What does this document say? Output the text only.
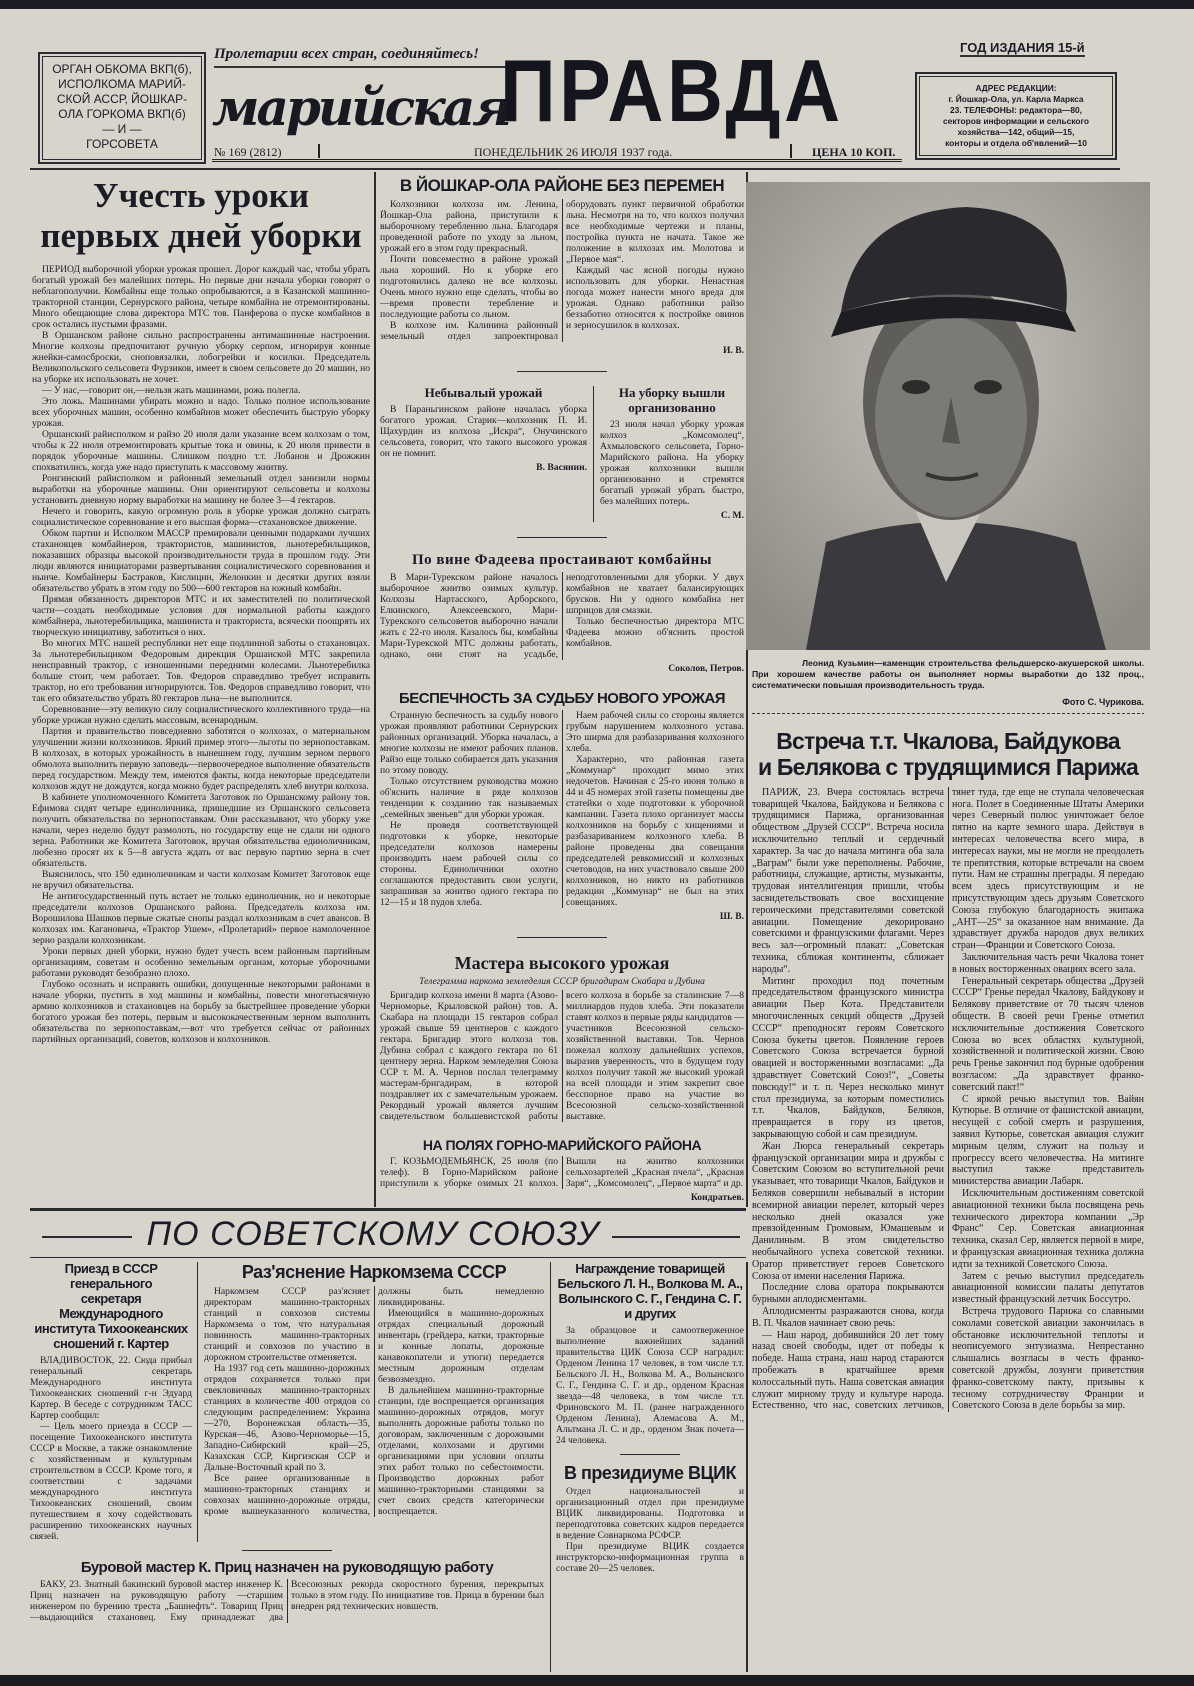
ОРГАН ОБКОМА ВКП(б),
ИСПОЛКОМА МАРИЙ-
СКОЙ АССР, ЙОШКАР-
ОЛА ГОРКОМА ВКП(б)
— И —
ГОРСОВЕТА
Пролетарии всех стран, соединяйтесь!
марийская
ПРАВДА	ГОД ИЗДАНИЯ 15-й
АДРЕС РЕДАКЦИИ:
г. Йошкар-Ола, ул. Карла Маркса
23. ТЕЛЕФОНЫ: редактора—80,
секторов информации и сельского
хозяйства—142, общий—15,
конторы и отдела об'явлений—10
№ 169 (2812)	ПОНЕДЕЛЬНИК 26 ИЮЛЯ 1937 года.	ЦЕНА 10 КОП.
Учесть уроки
первых дней уборки

ПЕРИОД выборочной уборки урожая прошел. Дорог каждый час, чтобы убрать богатый урожай без малейших потерь. Но первые дни начала уборки говорят о неблагополучии. Комбайны еще только опробываются, а в Казанской машинно-тракторной станции, Сернурского района, четыре комбайна не отремонтированы. Много обещающие слова директора МТС тов. Панферова о пуске комбайнов в срок остались пустыми фразами.

В Оршанском районе сильно распространены антимашинные настроения. Многие колхозы предпочитают ручную уборку серпом, игнорируя конные жнейки-самосброски, сноповязалки, лобогрейки и косилки. Председатель Великопольского сельсовета Фурзиков, имеет в своем сельсовете до 20 машин, но на уборке их использовать не хочет.

— У нас,—говорит он,—нельзя жать машинами, рожь полегла.

Это ложь. Машинами убирать можно и надо. Только полное использование всех уборочных машин, особенно комбайнов может обеспечить быструю уборку урожая.

Оршанский райисполком и райзо 20 июля дали указание всем колхозам о том, чтобы к 22 июля отремонтировать крытые тока и овины, к 20 июля привести в порядок уборочные машины. Слишком поздно т.т. Лобанов и Дрожжин спохватились, когда уже надо приступать к массовому жнитву.

Ронгинский райисполком и районный земельный отдел занизили нормы выработки на уборочные машины. Они ориентируют сельсоветы и колхозы установить дневную норму выработки на машину не более 3—4 гектаров.

Нечего и говорить, какую огромную роль в уборке урожая должно сыграть социалистическое соревнование и его высшая форма—стахановское движение.

Обком партии и Исполком МАССР премировали ценными подарками лучших стахановцев комбайнеров, трактористов, машинистов, льнотеребильщиков, показавших образцы высокой производительности труда в прошлом году. Эти люди являются инициаторами развертывания социалистического соревнования и нынче. Комбайнеры Бастраков, Кислицин, Желонкин и десятки других взяли обязательство убрать в этом году по 500—600 гектаров на южный комбайн.

Прямая обязанность директоров МТС и их заместителей по политической части—создать необходимые условия для нормальной работы каждого комбайнера, льнотеребильщика, машиниста и тракториста, всячески поощрять их творческую инициативу, заботиться о них.

Во многих МТС нашей республики нет еще подлинной заботы о стахановцах. За льнотеребильщиком Федоровым дирекция Оршанской МТС закрепила неисправный трактор, с изношенными передними колесами. Льнотеребилка больше стоит, чем работает. Тов. Федоров справедливо требует исправить трактор, но его требования игнорируются. Тов. Федоров справедливо говорит, что так его обязательство убрать 80 гектаров льна—не выполнится.

Соревнование—эту великую силу социалистического коллективного труда—на уборке урожая нужно сделать массовым, всенародным.

Партия и правительство повседневно заботятся о колхозах, о материальном улучшении жизни колхозников. Яркий пример этого—льготы по зернопоставкам. В колхозах, в которых урожайность в нынешнем году, лучшим зерном первого обмолота выполнить первую заповедь—первоочередное выполнение обязательств перед государством. Между тем, имеются факты, когда некоторые председатели колхозов ждут не дождутся, когда можно будет распределять хлеб внутри колхоза.

В кабинете уполномоченного Комитета Заготовок по Оршанскому району тов. Ефимова сидят четыре единоличника, пришедшие из Оршанского сельсовета получить обязательства по зернопоставкам. Они рассказывают, что уборку уже начали, через неделю будут размолоть, но государству еще не сдали ни одного зерна. Работники же Комитета Заготовок, вручая обязательства единоличникам, любезно просят их к 5—8 августа ждать от вас первую партию зерна в счет обязательств.

Выяснилось, что 150 единоличникам и части колхозам Комитет Заготовок еще не вручил обязательства.

Не антигосударственный путь встает не только единоличник, но и некоторые председатели колхозов Оршанского района. Председатель колхоза им. Ворошилова Шашков первые сжатые снопы раздал колхозникам в счет авансов. В колхозах им. Кагановича, «Трактор Ушем», «Пролетарий» первое намолоченное зерно раздали колхозникам.

Уроки первых дней уборки, нужно будет учесть всем районным партийным организациям, советам и особенно земельным органам, которые уборочными работами руководят безобразно плохо.

Глубоко осознать и исправить ошибки, допущенные некоторыми районами в начале уборки, пустить в ход машины и комбайны, повести многотысячную армию колхозников и стахановцев на борьбу за быстрейшее проведение уборки богатого урожая без потерь, первым и высококачественным зерном выполнить обязательства по зернопоставкам,—вот что требуется сейчас от районных партийных организаций, советов, колхозов и колхозников.

В ЙОШКАР-ОЛА РАЙОНЕ БЕЗ ПЕРЕМЕН

Колхозники колхоза им. Ленина, Йошкар-Ола района, приступили к выборочному теребленню льна. Благодаря проведенной работе по уходу за льном, урожай его в этом году прекрасный.

Почти повсеместно в районе урожай льна хороший. Но к уборке его подготовились далеко не все колхозы. Очень много нужно еще сделать, чтобы во—время провести теребление и последующие работы со льном.

В колхозе им. Калинина районный земельный отдел запроектировал оборудовать пункт первичной обработки льна. Несмотря на то, что колхоз получил все необходимые чертежи и планы, постройка пункта не начата. Такое же положение в колхозах им. Молотова и „Первое мая“.

Каждый час ясной погоды нужно использовать для уборки. Ненастная погода может нанести много вреда для урожая. Однако работники райзо беззаботно относятся к постройке овинов и зерносушилок в колхозах.

И. В.
Небывалый урожай

В Параньгинском районе началась уборка богатого урожая. Старик—колхозник П. И. Щахурдин из колхоза „Искра“, Онучинского сельсовета, говорит, что такого высокого урожая он не помнит.

В. Васянин.
На уборку вышли
организованно

23 июля начал уборку урожая колхоз „Комсомолец“, Ахмыловского сельсовета, Горно-Марийского района. На уборку урожая колхозники вышли организованно и стремятся богатый урожай убрать быстро, без малейших потерь.

С. М.
По вине Фадеева простаивают комбайны

В Мари-Турекском районе началось выборочное жнитво озимых культур. Колхозы Нартасского, Арборского, Елкинского, Алексеевского, Мари-Турекского сельсоветов выборочно начали жать с 22-го июля. Казалось бы, комбайны Мари-Турекской МТС должны работать, однако, они стоят на усадьбе, неподготовленными для уборки. У двух комбайнов не хватает балансирующих брусков. Ни у одного комбайна нет шприцов для смазки.

Только беспечностью директора МТС Фадеева можно об'яснить простой комбайнов.

Соколов, Петров.
БЕСПЕЧНОСТЬ ЗА СУДЬБУ НОВОГО УРОЖАЯ

Странную беспечность за судьбу нового урожая проявляют работники Сернурских районных организаций. Уборка началась, а многие колхозы не имеют рабочих планов. Райзо еще только собирается дать указания по этому поводу.

Только отсутствием руководства можно об'яснить наличие в ряде колхозов тенденции к созданию так называемых „семейных звеньев“ для уборки урожая.

Не проведя соответствующей подготовки к уборке, некоторые председатели колхозов намерены производить наем рабочей силы со стороны. Единоличники охотно соглашаются предоставить свои услуги, запрашивая за жнитво одного гектара по 12—15 и 18 пудов хлеба.

Наем рабочей силы со стороны является грубым нарушением колхозного устава. Это ширма для разбазаривания колхозного хлеба.

Характерно, что районная газета „Коммунар“ проходит мимо этих недочетов. Начиная с 25-го июня только в 44 и 45 номерах этой газеты помещены две статейки о ходе подготовки к уборочной кампании. Газета плохо организует массы колхозников на борьбу с хищениями и разбазариванием колхозного хлеба. В районе проведены два совещания председателей ревкомиссий и колхозных счетоводов, на них участвовало свыше 200 колхозников, но никто из работников редакции „Коммунар“ не был на этих совещаниях.

Ш. В.
Мастера высокого урожая
Телеграмма наркома земледелия СССР бригадирам Скабара и Дубина

Бригадир колхоза имени 8 марта (Азово-Черноморье, Крыловской район) тов. А. Скабара на площади 15 гектаров собрал урожай свыше 59 центнеров с каждого гектара. Бригадир этого колхоза тов. Дубина собрал с каждого гектара по 61 центнеру зерна. Нарком земледелия Союза ССР т. М. А. Чернов послал телеграмму мастерам-бригадирам, в которой поздравляет их с замечательным урожаем. Рекордный урожай является лучшим свидетельством большевистской работы всего колхоза в борьбе за сталинские 7—8 миллиардов пудов хлеба. Эти показатели ставят колхоз в первые ряды кандидатов — участников Всесоюзной сельско-хозяйственной выставки. Тов. Чернов пожелал колхозу дальнейших успехов, выразив уверенность, что в будущем году колхоз получит такой же высокий урожай на всей площади и этим закрепит свое бесспорное право на участие во Всесоюзной сельско-хозяйственной выставке.

НА ПОЛЯХ ГОРНО-МАРИЙСКОГО РАЙОНА

Г. КОЗЬМОДЕМЬЯНСК, 25 июля (по телеф). В Горно-Марийском районе приступили к уборке озимых 21 колхоз. Вышли на жнитво колхозники сельхозартелей „Красная пчела“, „Красная Заря“, „Комсомолец“, „Первое марта“ и др.

Кондратьев.
Леонид Кузьмин—каменщик строительства фельдшерско-акушерской школы. При хорошем качестве работы он выполняет нормы выработки до 132 проц., систематически повышая производительность труда.
Фото С. Чурикова.
Встреча т.т. Чкалова, Байдукова
и Белякова с трудящимися Парижа

ПАРИЖ, 23. Вчера состоялась встреча товарищей Чкалова, Байдукова и Белякова с трудящимися Парижа, организованная обществом „Друзей СССР“. Встреча носила исключительно теплый и сердечный характер. За час до начала митинга оба зала „Ваграм“ были уже переполнены. Рабочие, работницы, служащие, артисты, музыканты, трудовая интеллигенция пришли, чтобы засвидетельствовать свое восхищение героическими представителями советской авиации. Помещение декорировано советскими и французскими флагами. Через весь зал—огромный плакат: „Советская техника, сближая континенты, сближает народы“.

Митинг проходил под почетным председательством французского министра авиации Пьер Кота. Представители многочисленных секций обществ „Друзей СССР“ преподносят героям Советского Союза букеты цветов. Появление героев Советского Союза встречается бурной овацией и восторженными возгласами: „Да здравствует Советский Союз!“, „Советы повсюду!“ и т. п. Через несколько минут стол президиума, за которым поместились т.т. Чкалов, Байдуков, Беляков, превращается в гору из цветов, закрывающую собой и сам президиум.

Жан Люрса генеральный секретарь французской организации мира и дружбы с Советским Союзом во вступительной речи указывает, что товарищи Чкалов, Байдуков и Беляков совершили небывалый в истории всемирной авиации перелет, который через несколько дней оказался уже превзойденным Громовым, Юмашевым и Данилиным. В этом свидетельство необычайного успеха советской техники. Оратор приветствует героев Советского Союза от имени населения Парижа.

Последние слова оратора покрываются бурными аплодисментами.

Аплодисменты разражаются снова, когда В. П. Чкалов начинает свою речь:

— Наш народ, добившийся 20 лет тому назад своей свободы, идет от победы к победе. Наша страна, наш народ стараются пробежать в кратчайшее время колоссальный путь. Наша советская авиация служит мирному труду и культуре народа. Естественно, что нас, советских летчиков, тянет туда, где еще не ступала человеческая нога. Полет в Соединенные Штаты Америки через Северный полюс уничтожает белое пятно на карте земного шара. Действуя в интересах человечества всего мира, в интересах науки, мы не могли не преодолеть те препятствия, которые встречали на своем пути. Нам не страшны преграды. Я передаю всем здесь присутствующим и не присутствующим здесь друзьям Советского Союза глубокую благодарность экипажа „АНТ—25“ за оказанное нам внимание. Да здравствует дружба народов двух великих стран—Франции и Советского Союза.

Заключительная часть речи Чкалова тонет в новых восторженных овациях всего зала.

Генеральный секретарь общества „Друзей СССР“ Гренье передал Чкалову, Байдукову и Белякову приветствие от 70 тысяч членов обществ. В своей речи Гренье отметил исключительные достижения Советского Союза во всех областях культурной, хозяйственной и политической жизни. Свою речь Гренье закончил под бурные одобрения возгласом: „Да здравствует франко-советский пакт!“

С яркой речью выступил тов. Вайян Кутюрье. В отличие от фашистской авиации, несущей с собой смерть и разрушения, заявил Кутюрье, советская авиация служит мирным целям, служит на пользу и прогрессу всего человечества. На митинге выступил также представитель министерства авиации Лабарк.

Исключительным достижениям советской авиационной техники была посвящена речь технического директора компании „Эр Франс“ Сер. Советская авиационная техника, сказал Сер, является первой в мире, и французская авиационная техника должна идти за техникой Советского Союза.

Затем с речью выступил председатель авиационной комиссии палаты депутатов известный французский летчик Боссутро.

Встреча трудового Парижа со славными соколами советской авиации закончилась в обстановке исключительной теплоты и неописуемого энтузиазма. Непрестанно слышались возгласы в честь франко-советской дружбы, лозунги приветствия франко-советскому пакту, призывы к тесному сотрудничеству Франции и Советского Союза в деле борьбы за мир.

ПО СОВЕТСКОМУ СОЮЗУ
Приезд в СССР генерального
секретаря Международного
института Тихоокеанских
сношений г. Картер

ВЛАДИВОСТОК, 22. Сюда прибыл генеральный секретарь Международного института Тихоокеанских сношений г-н Эдуард Картер. В беседе с сотрудником ТАСС Картер сообщил:

— Цель моего приезда в СССР —посещение Тихоокеанского института СССР в Москве, а также ознакомление с хозяйственным и культурным строительством в СССР. Кроме того, я соответствии с задачами международного института Тихоокеанских сношений, своим путешествием я хочу содействовать расширению тихоокеанских научных связей.

Раз'яснение Наркомзема СССР

Наркомзем СССР раз'ясняет директорам машинно-тракторных станций и совхозов системы Наркомзема о том, что натуральная повинность машинно-тракторных станций и совхозов по участию в дорожном строительстве отменяется.

На 1937 год сеть машинно-дорожных отрядов сохраняется только при свекловичных машинно-тракторных станциях в количестве 400 отрядов со следующим распределением: Украина—270, Воронежская область—35, Курская—46, Азово-Черноморье—15, Западно-Сибирский край—25, Казахская ССР, Киргизская ССР и Дальне-Восточный край по 3.

Все ранее организованные в машинно-тракторных станциях и совхозах машинно-дорожные отряды, кроме вышеуказанного количества, должны быть немедленно ликвидированы.

Имеющийся в машинно-дорожных отрядах специальный дорожный инвентарь (грейдера, катки, тракторные и конные лопаты, дорожные канавокопатели и утюги) передается местным дорожным отделам безвозмездно.

В дальнейшем машинно-тракторные станции, где воспрещается организация машинно-дорожных отрядов, могут выполнять дорожные работы только по договорам, заключенным с дорожными отделами, колхозами и другими организациями при условии оплаты этих работ только по себестоимости. Производство дорожных работ машинно-тракторными станциями за счет своих средств категорически воспрещается.

Буровой мастер К. Приц назначен на руководящую работу

БАКУ, 23. Знатный бакинский буровой мастер инженер К. Приц назначен на руководящую работу —старшим инженером по бурению треста „Башнефть“. Товарищ Приц —выдающийся стахановец. Ему принадлежат два Всесоюзных рекорда скоростного бурения, перекрытых только в этом году. По инициативе тов. Прица в бурении был внедрен ряд технических новшеств.

Награждение товарищей
Бельского Л. Н., Волкова М. А.,
Волынского С. Г., Гендина С. Г.
и других

За образцовое и самоотверженное выполнение важнейших заданий правительства ЦИК Союза ССР наградил: Орденом Ленина 17 человек, в том числе т.т. Бельского Л. Н., Волкова М. А., Волынского С. Г., Гендина С. Г. и др., орденом Красная звезда—48 человека, в том числе т.т. Фриновского М. П. (ранее награжденного Орденом Ленина), Алемасова А. М., Альтмана Л. С. и др., орденом Знак почета—24 человека.

В президиуме ВЦИК

Отдел национальностей и организационный отдел при президиуме ВЦИК ликвидированы. Подготовка и переподготовка советских кадров передается в ведение Совнаркома РСФСР.

При президиуме ВЦИК создается инструкторско-информационная группа в составе 20—25 человек.
